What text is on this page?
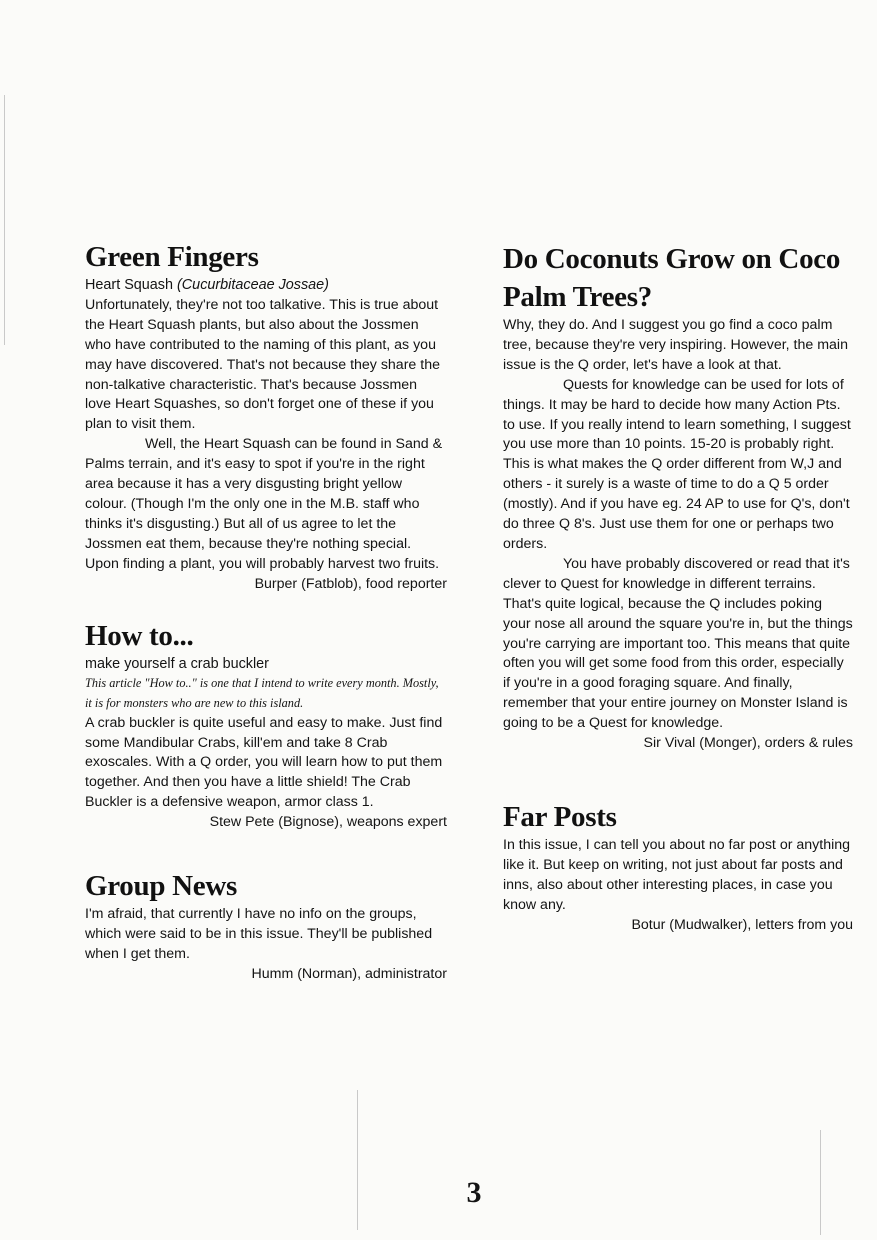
Green Fingers

Heart Squash (Cucurbitaceae Jossae)

Unfortunately, they're not too talkative. This is true about the Heart Squash plants, but also about the Jossmen who have contributed to the naming of this plant, as you may have discovered. That's not because they share the non-talkative characteristic. That's because Jossmen love Heart Squashes, so don't forget one of these if you plan to visit them.

Well, the Heart Squash can be found in Sand & Palms terrain, and it's easy to spot if you're in the right area because it has a very disgusting bright yellow colour. (Though I'm the only one in the M.B. staff who thinks it's disgusting.) But all of us agree to let the Jossmen eat them, because they're nothing special. Upon finding a plant, you will probably harvest two fruits.

Burper (Fatblob), food reporter

How to...

make yourself a crab buckler

This article "How to.." is one that I intend to write every month. Mostly, it is for monsters who are new to this island.

A crab buckler is quite useful and easy to make. Just find some Mandibular Crabs, kill'em and take 8 Crab exoscales. With a Q order, you will learn how to put them together. And then you have a little shield! The Crab Buckler is a defensive weapon, armor class 1.

Stew Pete (Bignose), weapons expert

Group News

I'm afraid, that currently I have no info on the groups, which were said to be in this issue. They'll be published when I get them.

Humm (Norman), administrator

Do Coconuts Grow on Coco Palm Trees?

Why, they do. And I suggest you go find a coco palm tree, because they're very inspiring. However, the main issue is the Q order, let's have a look at that.

Quests for knowledge can be used for lots of things. It may be hard to decide how many Action Pts. to use. If you really intend to learn something, I suggest you use more than 10 points. 15-20 is probably right. This is what makes the Q order different from W,J and others - it surely is a waste of time to do a Q 5 order (mostly). And if you have eg. 24 AP to use for Q's, don't do three Q 8's. Just use them for one or perhaps two orders.

You have probably discovered or read that it's clever to Quest for knowledge in different terrains. That's quite logical, because the Q includes poking your nose all around the square you're in, but the things you're carrying are important too. This means that quite often you will get some food from this order, especially if you're in a good foraging square. And finally, remember that your entire journey on Monster Island is going to be a Quest for knowledge.

Sir Vival (Monger), orders & rules

Far Posts

In this issue, I can tell you about no far post or anything like it. But keep on writing, not just about far posts and inns, also about other interesting places, in case you know any.

Botur (Mudwalker), letters from you

3
